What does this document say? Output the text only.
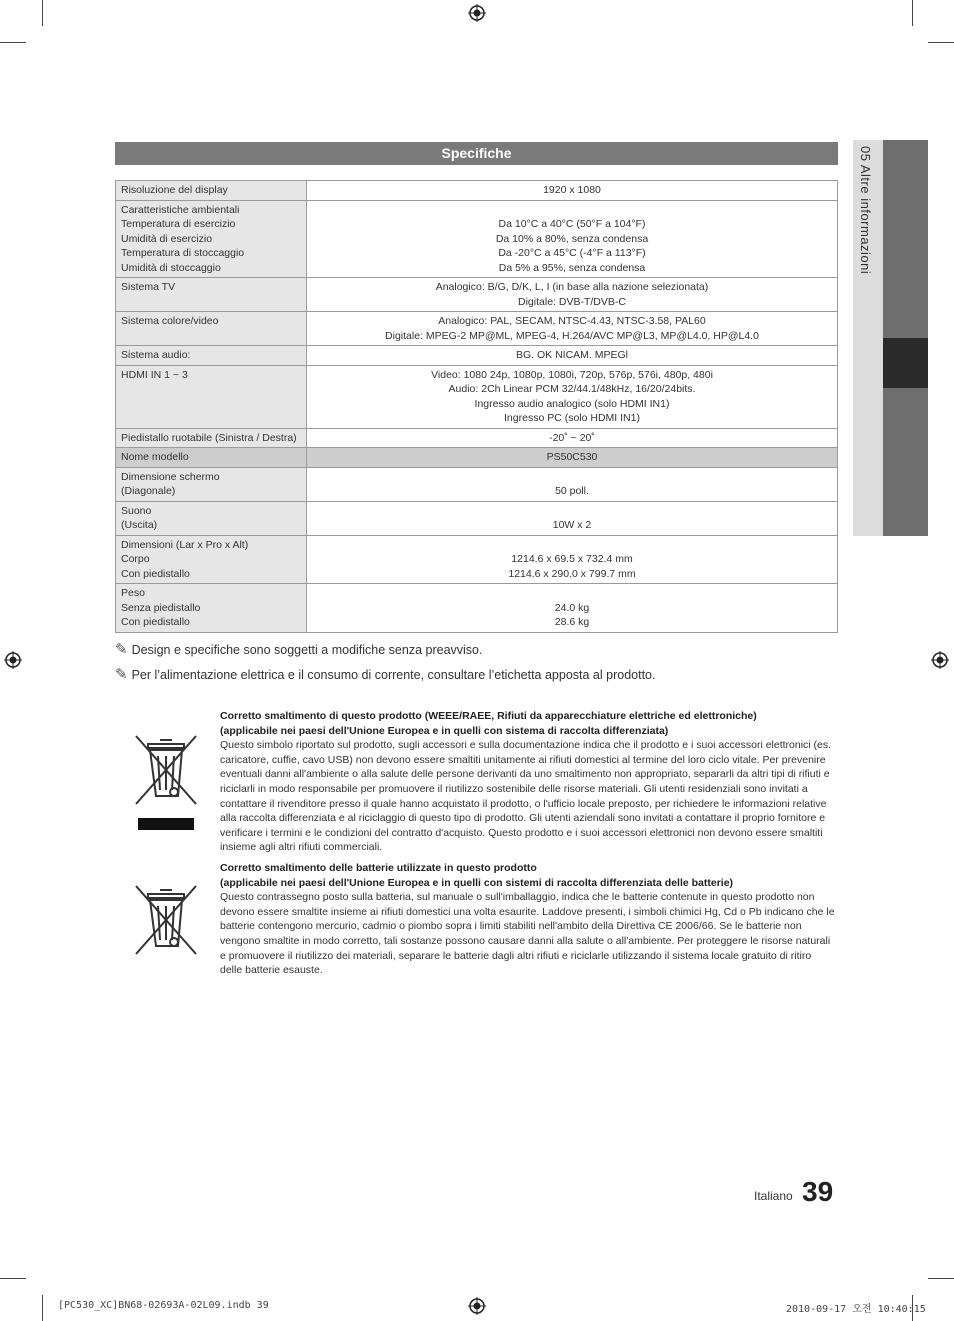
05 Altre informazioni
Specifiche
Risoluzione del display	1920 x 1080
Caratteristiche ambientali
Temperatura di esercizio
Umidità di esercizio
Temperatura di stoccaggio
Umidità di stoccaggio	Da 10°C a 40°C (50°F a 104°F)
Da 10% a 80%, senza condensa
Da -20°C a 45°C (-4°F a 113°F)
Da 5% a 95%, senza condensa
Sistema TV	Analogico: B/G, D/K, L, I (in base alla nazione selezionata)
Digitale: DVB-T/DVB-C
Sistema colore/video	Analogico: PAL, SECAM, NTSC-4.43, NTSC-3.58, PAL60
Digitale: MPEG-2 MP@ML, MPEG-4, H.264/AVC MP@L3, MP@L4.0, HP@L4.0
Sistema audio:	BG. OK NICAM. MPEGl
HDMI IN 1 ~ 3	Video: 1080 24p, 1080p, 1080i, 720p, 576p, 576i, 480p, 480i
Audio: 2Ch Linear PCM 32/44.1/48kHz, 16/20/24bits.
Ingresso audio analogico (solo HDMI IN1)
Ingresso PC (solo HDMI IN1)
Piedistallo ruotabile (Sinistra / Destra)	-20˚ ~ 20˚
Nome modello	PS50C530
Dimensione schermo
(Diagonale)	50 poll.
Suono
(Uscita)	10W x 2
Dimensioni (Lar x Pro x Alt)
Corpo
Con piedistallo	1214.6 x 69.5 x 732.4 mm
1214.6 x 290.0 x 799.7 mm
Peso
Senza piedistallo
Con piedistallo	24.0 kg
28.6 kg
✎ Design e specifiche sono soggetti a modifiche senza preavviso.
✎ Per l’alimentazione elettrica e il consumo di corrente, consultare l’etichetta apposta al prodotto.
Corretto smaltimento di questo prodotto (WEEE/RAEE, Rifiuti da apparecchiature elettriche ed elettroniche)
(applicabile nei paesi dell'Unione Europea e in quelli con sistema di raccolta differenziata)
Questo simbolo riportato sul prodotto, sugli accessori e sulla documentazione indica che il prodotto e i suoi accessori elettronici (es. caricatore, cuffie, cavo USB) non devono essere smaltiti unitamente ai rifiuti domestici al termine del loro ciclo vitale. Per prevenire eventuali danni all'ambiente o alla salute delle persone derivanti da uno smaltimento non appropriato, separarli da altri tipi di rifiuti e riciclarli in modo responsabile per promuovere il riutilizzo sostenibile delle risorse materiali. Gli utenti residenziali sono invitati a contattare il rivenditore presso il quale hanno acquistato il prodotto, o l'ufficio locale preposto, per richiedere le informazioni relative alla raccolta differenziata e al riciclaggio di questo tipo di prodotto. Gli utenti aziendali sono invitati a contattare il proprio fornitore e verificare i termini e le condizioni del contratto d'acquisto. Questo prodotto e i suoi accessori elettronici non devono essere smaltiti insieme agli altri rifiuti commerciali.
Corretto smaltimento delle batterie utilizzate in questo prodotto
(applicabile nei paesi dell'Unione Europea e in quelli con sistemi di raccolta differenziata delle batterie)
Questo contrassegno posto sulla batteria, sul manuale o sull'imballaggio, indica che le batterie contenute in questo prodotto non devono essere smaltite insieme ai rifiuti domestici una volta esaurite. Laddove presenti, i simboli chimici Hg, Cd o Pb indicano che le batterie contengono mercurio, cadmio o piombo sopra i limiti stabiliti nell'ambito della Direttiva CE 2006/66. Se le batterie non vengono smaltite in modo corretto, tali sostanze possono causare danni alla salute o all'ambiente. Per proteggere le risorse naturali e promuovere il riutilizzo dei materiali, separare le batterie dagli altri rifiuti e riciclarle utilizzando il sistema locale gratuito di ritiro delle batterie esauste.
Italiano 39
[PC530_XC]BN68-02693A-02L09.indb 39	2010-09-17 오전 10:40:15
